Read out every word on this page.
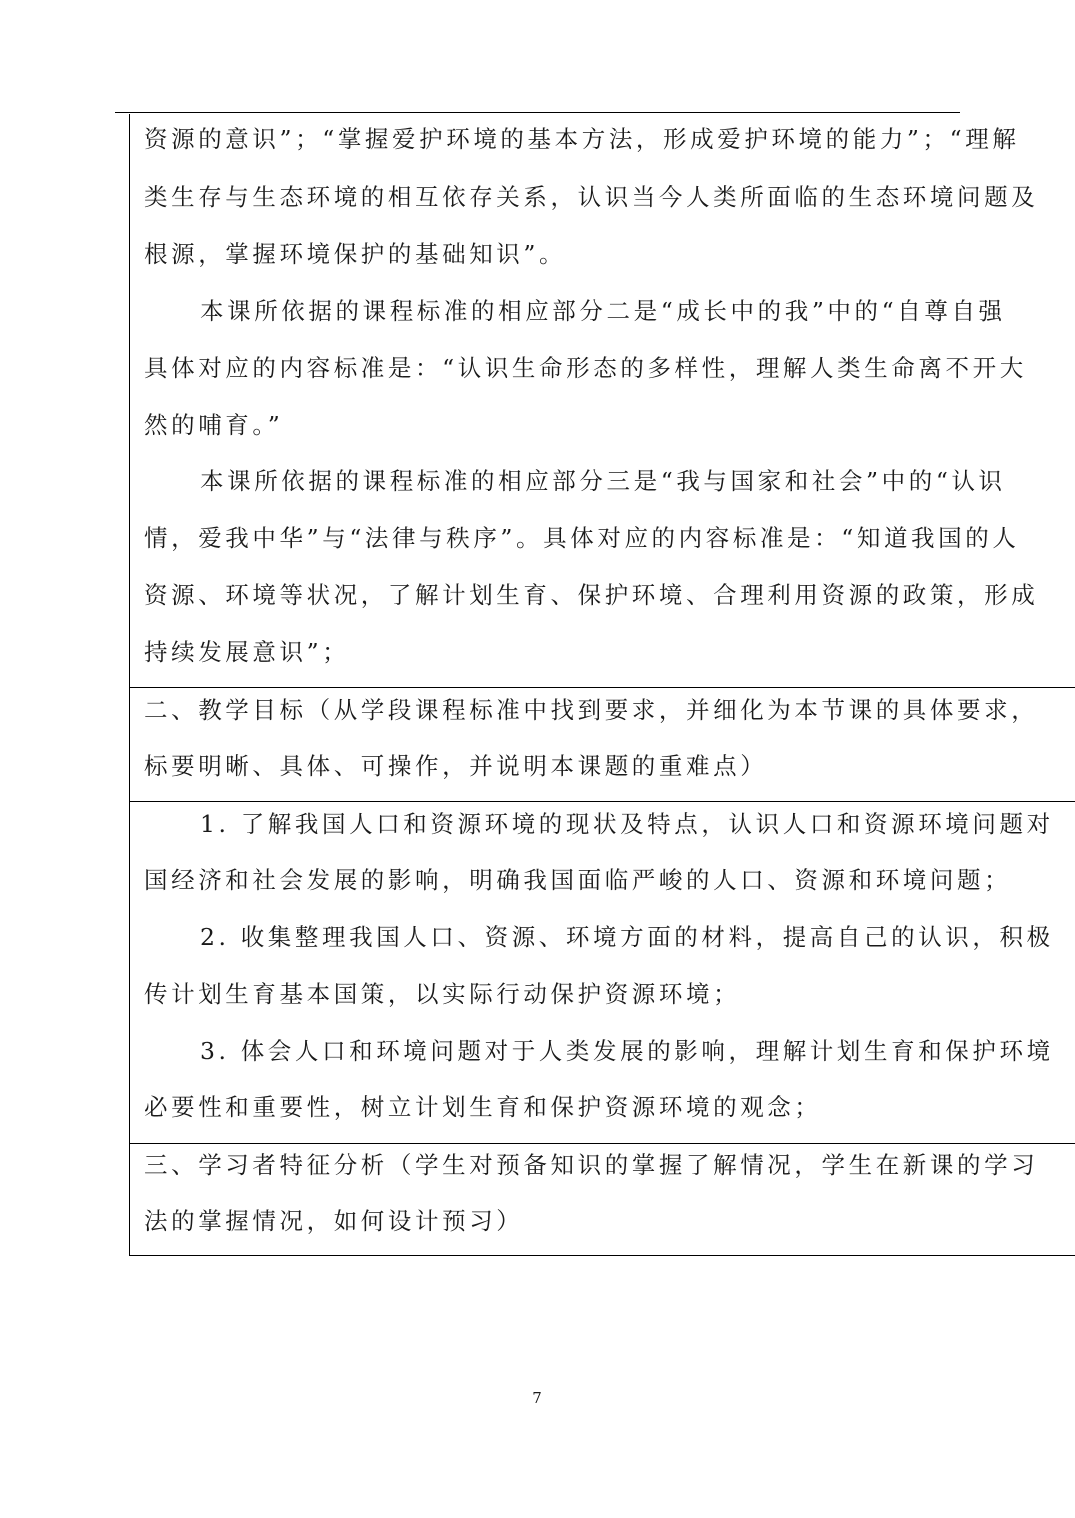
资源的意识”；“掌握爱护环境的基本方法，形成爱护环境的能力”；“理解
类生存与生态环境的相互依存关系，认识当今人类所面临的生态环境问题及
根源，掌握环境保护的基础知识”。
本课所依据的课程标准的相应部分二是“成长中的我”中的“自尊自强
具体对应的内容标准是：“认识生命形态的多样性，理解人类生命离不开大
然的哺育。”
本课所依据的课程标准的相应部分三是“我与国家和社会”中的“认识
情，爱我中华”与“法律与秩序”。具体对应的内容标准是：“知道我国的人
资源、环境等状况，了解计划生育、保护环境、合理利用资源的政策，形成
持续发展意识”；
二、教学目标（从学段课程标准中找到要求，并细化为本节课的具体要求，
标要明晰、具体、可操作，并说明本课题的重难点）
1. 了解我国人口和资源环境的现状及特点，认识人口和资源环境问题对
国经济和社会发展的影响，明确我国面临严峻的人口、资源和环境问题；
2. 收集整理我国人口、资源、环境方面的材料，提高自己的认识，积极
传计划生育基本国策，以实际行动保护资源环境；
3. 体会人口和环境问题对于人类发展的影响，理解计划生育和保护环境
必要性和重要性，树立计划生育和保护资源环境的观念；
三、学习者特征分析（学生对预备知识的掌握了解情况，学生在新课的学习
法的掌握情况，如何设计预习）
7
